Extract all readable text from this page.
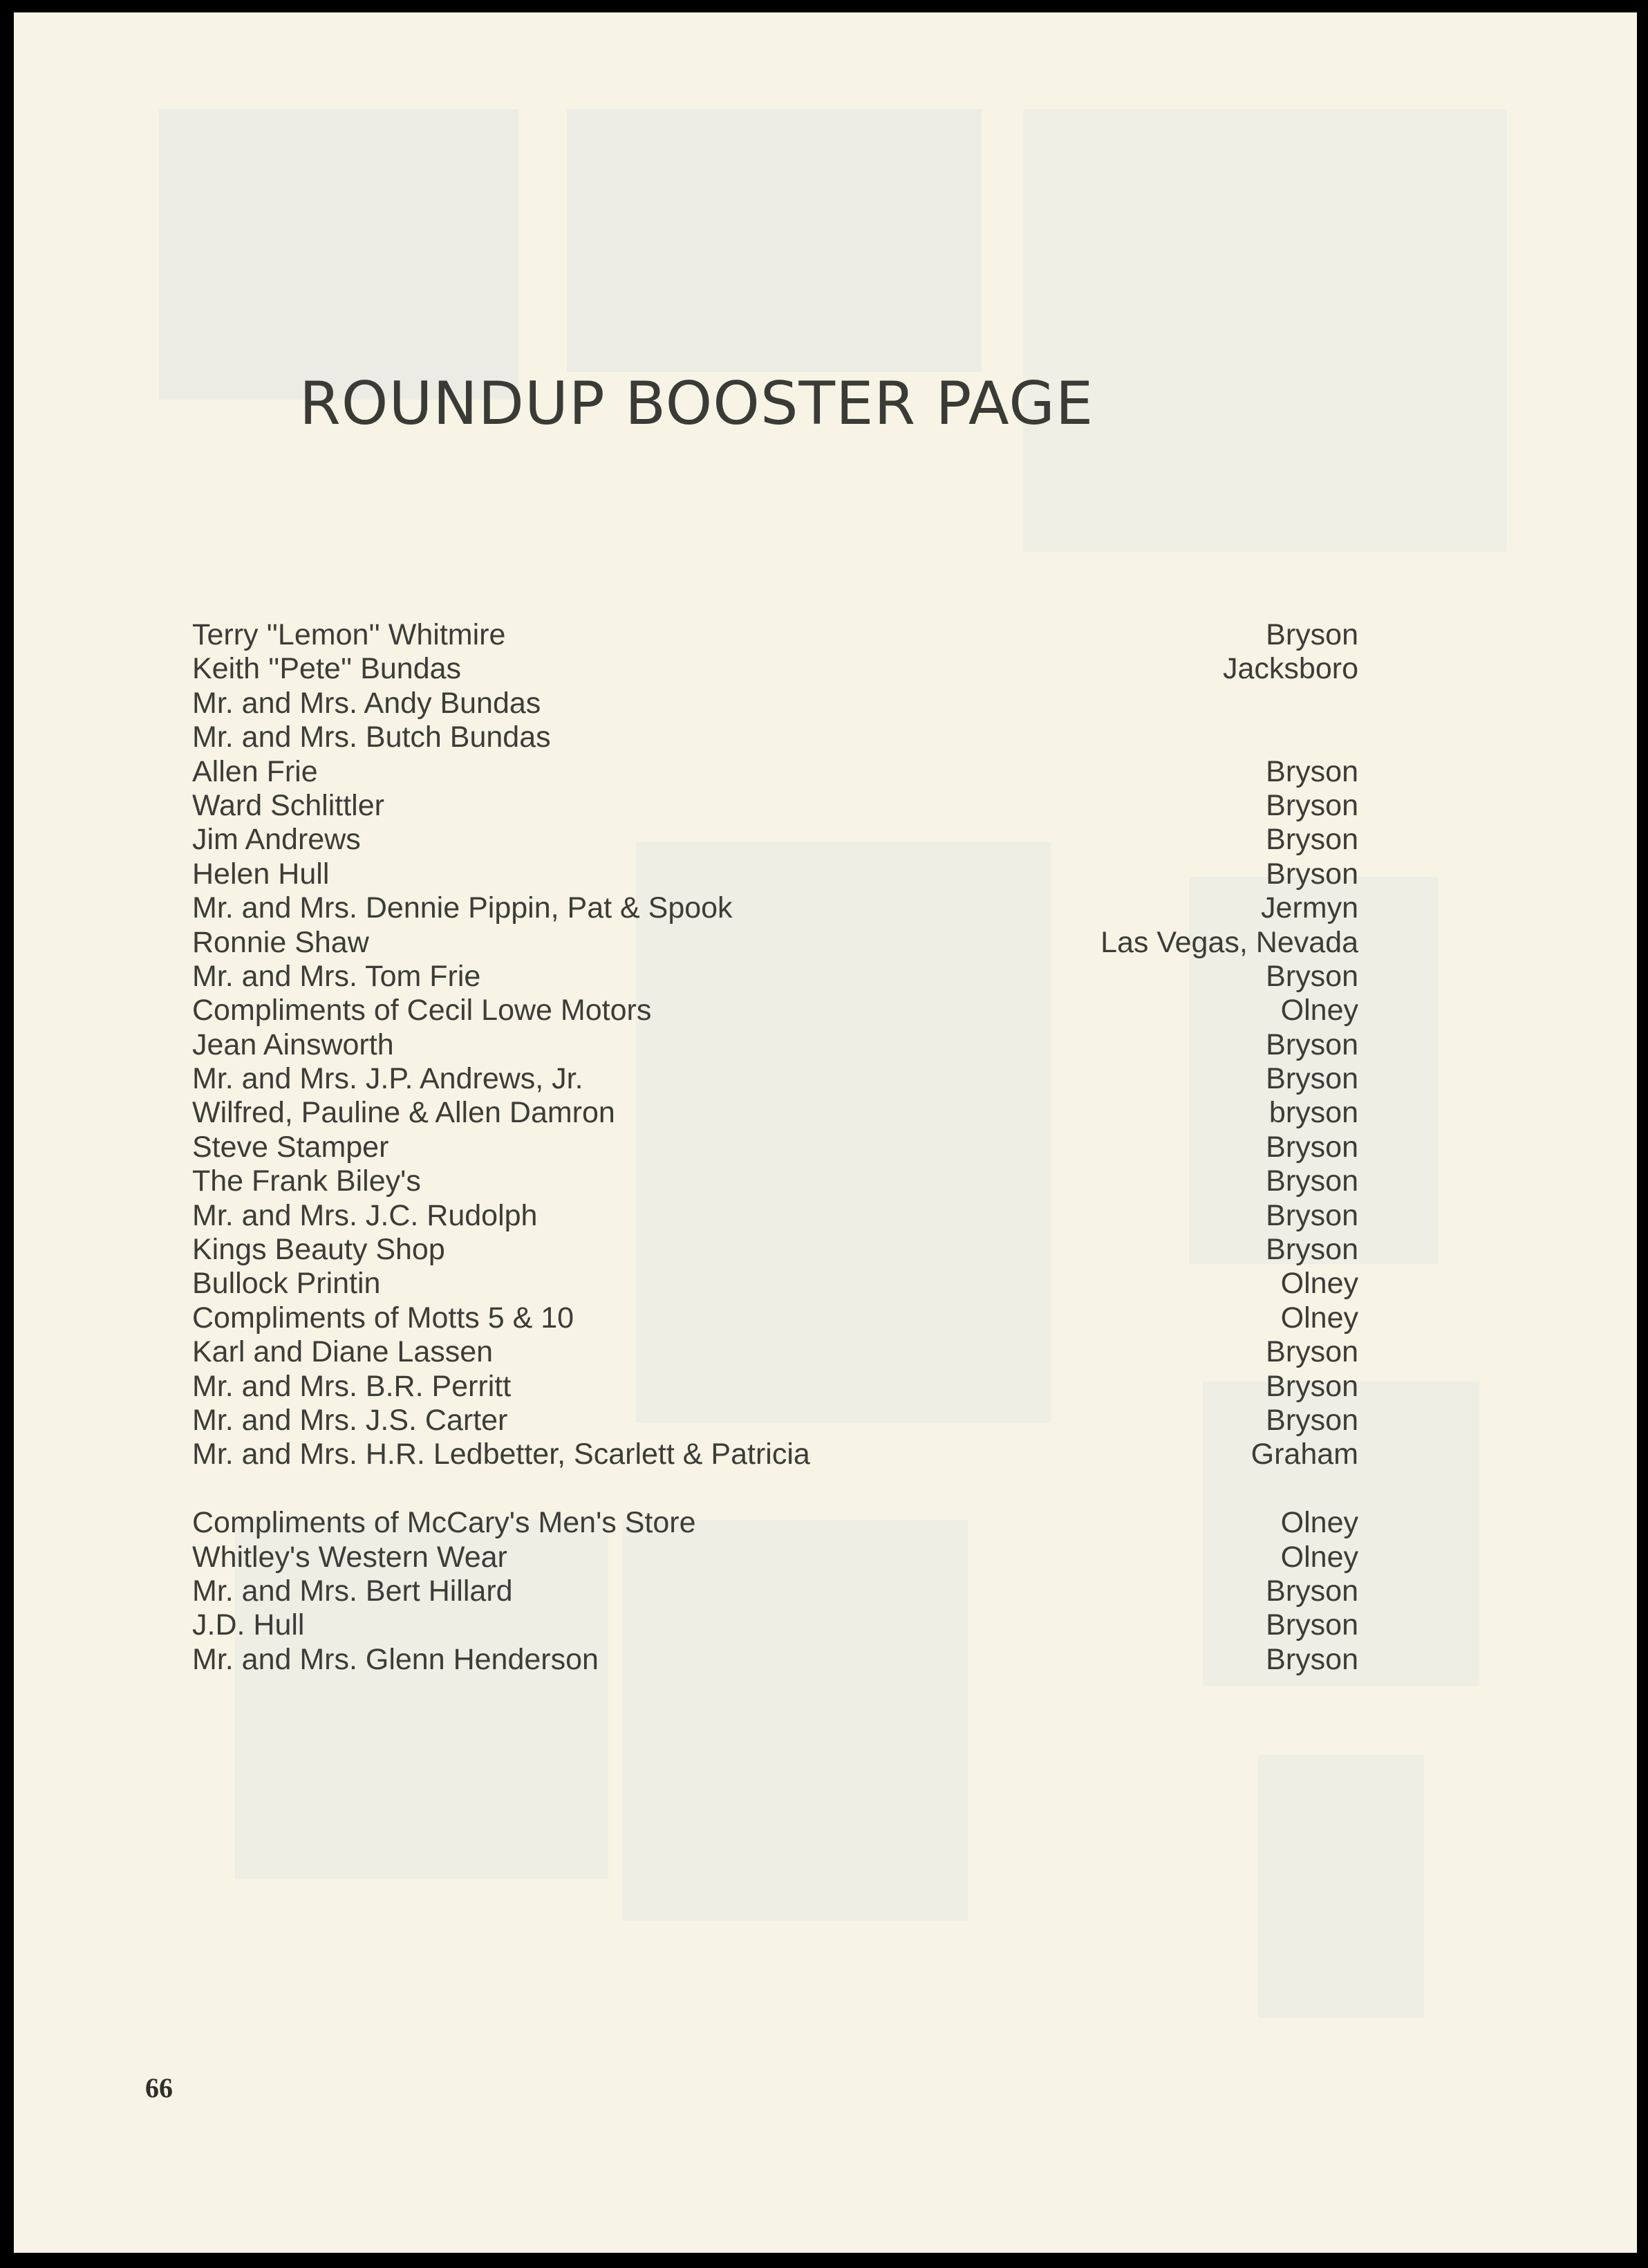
ROUNDUP BOOSTER PAGE
Terry ''Lemon'' Whitmire	Bryson
Keith ''Pete'' Bundas	Jacksboro
Mr. and Mrs. Andy Bundas
Mr. and Mrs. Butch Bundas
Allen Frie	Bryson
Ward Schlittler	Bryson
Jim Andrews	Bryson
Helen Hull	Bryson
Mr. and Mrs. Dennie Pippin, Pat & Spook	Jermyn
Ronnie Shaw	Las Vegas, Nevada
Mr. and Mrs. Tom Frie	Bryson
Compliments of Cecil Lowe Motors	Olney
Jean Ainsworth	Bryson
Mr. and Mrs. J.P. Andrews, Jr.	Bryson
Wilfred, Pauline & Allen Damron	bryson
Steve Stamper	Bryson
The Frank Biley's	Bryson
Mr. and Mrs. J.C. Rudolph	Bryson
Kings Beauty Shop	Bryson
Bullock Printin	Olney
Compliments of Motts 5 & 10	Olney
Karl and Diane Lassen	Bryson
Mr. and Mrs. B.R. Perritt	Bryson
Mr. and Mrs. J.S. Carter	Bryson
Mr. and Mrs. H.R. Ledbetter, Scarlett & Patricia	Graham
Compliments of McCary's Men's Store	Olney
Whitley's Western Wear	Olney
Mr. and Mrs. Bert Hillard	Bryson
J.D. Hull	Bryson
Mr. and Mrs. Glenn Henderson	Bryson
66
